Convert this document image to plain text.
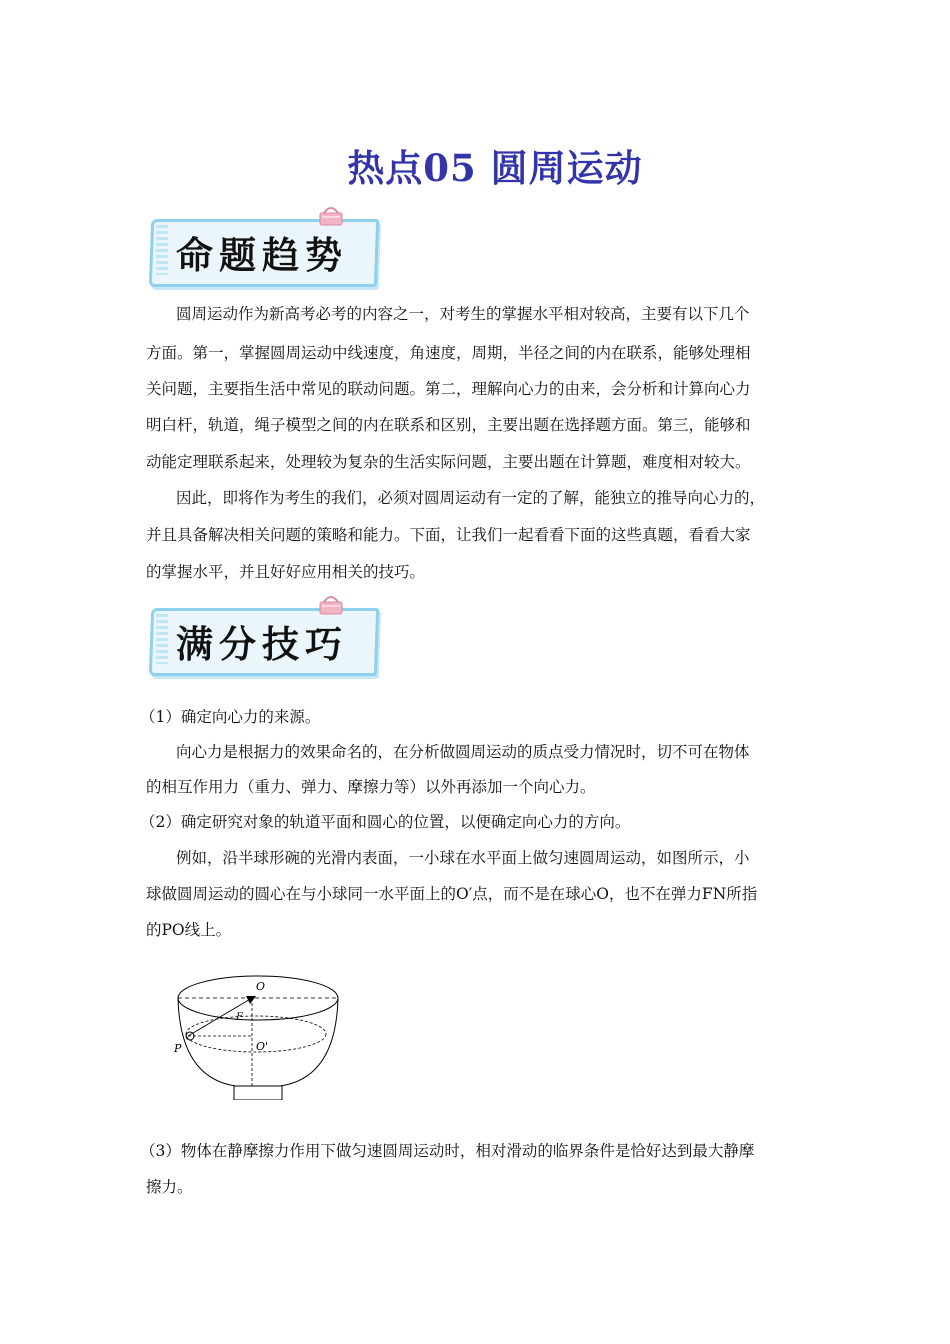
热点05 圆周运动
命题趋势
圆周运动作为新高考必考的内容之一，对考生的掌握水平相对较高，主要有以下几个
方面。第一，掌握圆周运动中线速度，角速度，周期，半径之间的内在联系，能够处理相
关问题，主要指生活中常见的联动问题。第二，理解向心力的由来，会分析和计算向心力
明白杆，轨道，绳子模型之间的内在联系和区别，主要出题在选择题方面。第三，能够和
动能定理联系起来，处理较为复杂的生活实际问题，主要出题在计算题，难度相对较大。
因此，即将作为考生的我们，必须对圆周运动有一定的了解，能独立的推导向心力的，
并且具备解决相关问题的策略和能力。下面，让我们一起看看下面的这些真题，看看大家
的掌握水平，并且好好应用相关的技巧。
满分技巧
（1）确定向心力的来源。
向心力是根据力的效果命名的，在分析做圆周运动的质点受力情况时，切不可在物体
的相互作用力（重力、弹力、摩擦力等）以外再添加一个向心力。
（2）确定研究对象的轨道平面和圆心的位置，以便确定向心力的方向。
例如，沿半球形碗的光滑内表面，一小球在水平面上做匀速圆周运动，如图所示，小
球做圆周运动的圆心在与小球同一水平面上的O′点，而不是在球心O，也不在弹力FN所指
的PO线上。
O
F
O'
P
（3）物体在静摩擦力作用下做匀速圆周运动时，相对滑动的临界条件是恰好达到最大静摩
擦力。
